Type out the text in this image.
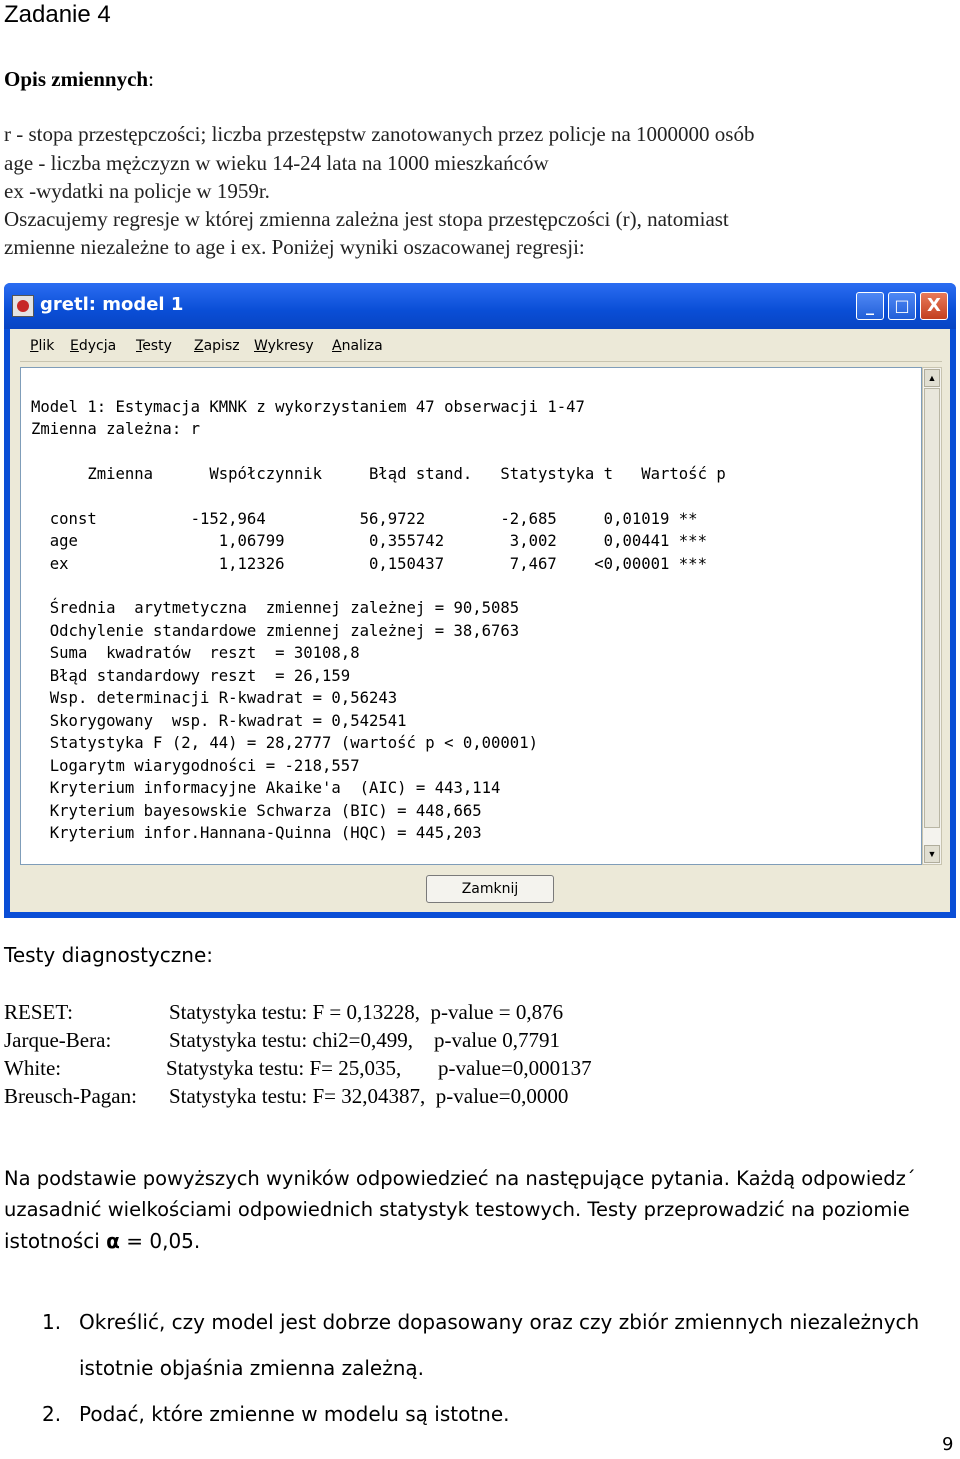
Zadanie 4
Opis zmiennych:
r - stopa przestępczości; liczba przestępstw zanotowanych przez policje na 1000000 osób
age - liczba mężczyzn w wieku 14-24 lata na 1000 mieszkańców
ex -wydatki na policje w 1959r.
Oszacujemy regresje w której zmienna zależna jest stopa przestępczości (r), natomiast
zmienne niezależne to age i ex. Poniżej wyniki oszacowanej regresji:
gretl: model 1	_	□ X
Plik Edycja Testy Zapisz Wykresy Analiza
Model 1: Estymacja KMNK z wykorzystaniem 47 obserwacji 1-47
Zmienna zależna: r
Zmienna      Współczynnik     Błąd stand.   Statystyka t   Wartość p
const          -152,964          56,9722        -2,685     0,01019 **
age               1,06799         0,355742       3,002     0,00441 ***
ex                1,12326         0,150437       7,467    <0,00001 ***
Średnia  arytmetyczna  zmiennej zależnej = 90,5085
Odchylenie standardowe zmiennej zależnej = 38,6763
Suma  kwadratów  reszt  = 30108,8
Błąd standardowy reszt  = 26,159
Wsp. determinacji R-kwadrat = 0,56243
Skorygowany  wsp. R-kwadrat = 0,542541
Statystyka F (2, 44) = 28,2777 (wartość p < 0,00001)
Logarytm wiarygodności = -218,557
Kryterium informacyjne Akaike'a  (AIC) = 443,114
Kryterium bayesowskie Schwarza (BIC) = 448,665
Kryterium infor.Hannana-Quinna (HQC) = 445,203
▲
▼
Zamknij
Testy diagnostyczne:
RESET:	Statystyka testu: F = 0,13228,  p-value = 0,876
Jarque-Bera:	Statystyka testu: chi2=0,499,    p-value 0,7791
White:	Statystyka testu: F= 25,035,       p-value=0,000137
Breusch-Pagan: Statystyka testu: F= 32,04387,  p-value=0,0000
Na podstawie powyższych wyników odpowiedzieć na następujące pytania. Każdą odpowiedz´
uzasadnić wielkościami odpowiednich statystyk testowych. Testy przeprowadzić na poziomie
istotności α = 0,05.
1. Określić, czy model jest dobrze dopasowany oraz czy zbiór zmiennych niezależnych
istotnie objaśnia zmienna zależną.
2. Podać, które zmienne w modelu są istotne.
9
